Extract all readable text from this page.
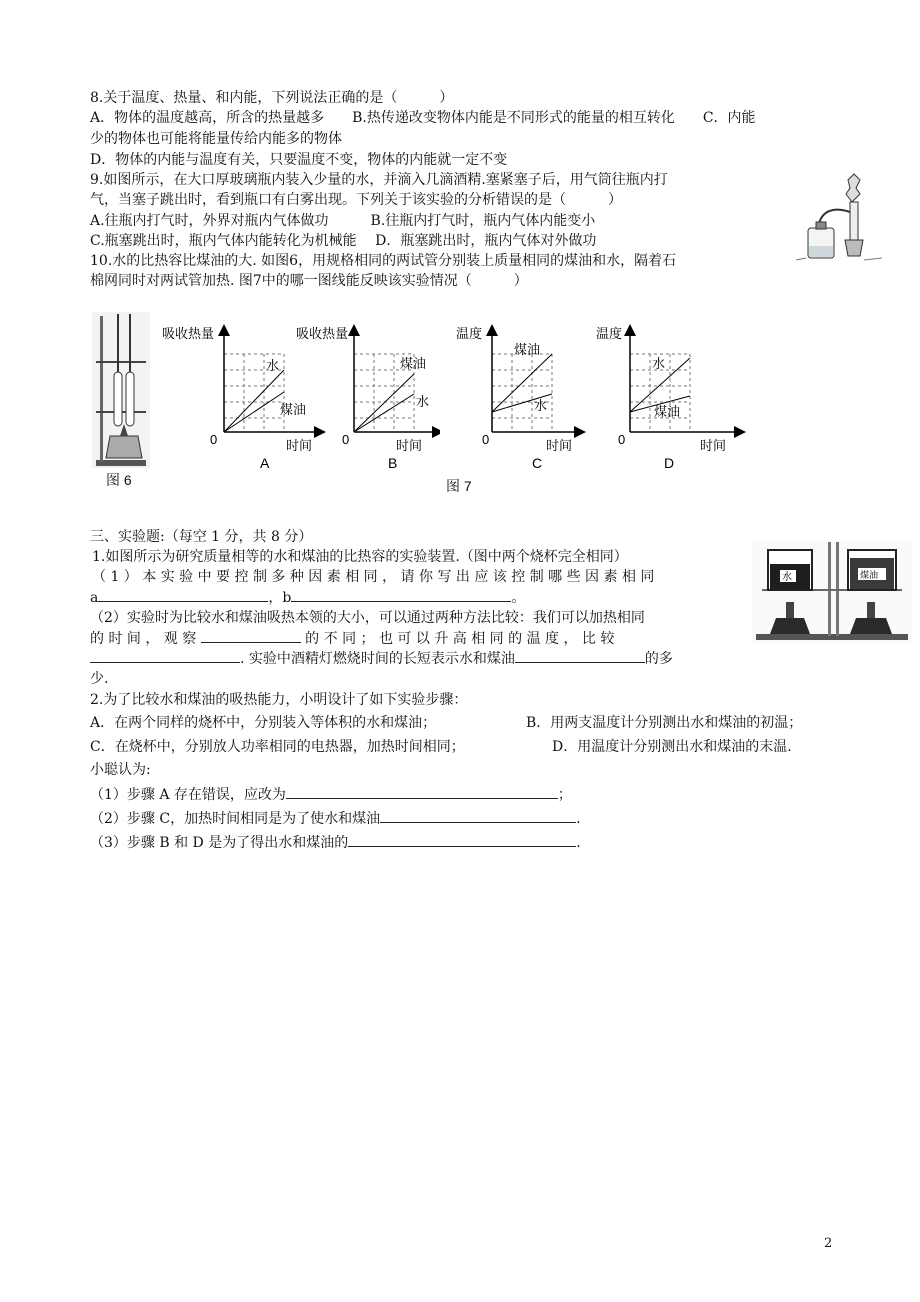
8.关于温度、热量、和内能，下列说法正确的是（　　　）
A．物体的温度越高，所含的热量越多　　B.热传递改变物体内能是不同形式的能量的相互转化　　C．内能
少的物体也可能将能量传给内能多的物体
D．物体的内能与温度有关，只要温度不变，物体的内能就一定不变
9.如图所示，在大口厚玻璃瓶内装入少量的水，并滴入几滴酒精.塞紧塞子后，用气筒往瓶内打
气，当塞子跳出时，看到瓶口有白雾出现。下列关于该实验的分析错误的是（　　　）
A.往瓶内打气时，外界对瓶内气体做功　　　B.往瓶内打气时，瓶内气体内能变小
C.瓶塞跳出时，瓶内气体内能转化为机械能　 D．瓶塞跳出时，瓶内气体对外做功
10.水的比热容比煤油的大. 如图6，用规格相同的两试管分别装上质量相同的煤油和水，隔着石
棉网同时对两试管加热. 图7中的哪一图线能反映该实验情况（　　　）
图 6
吸收热量
0	时间
水
煤油
A
吸收热量
0	时间
煤油
水
B
温度
0	时间
煤油
水
C
温度
0	时间
水
煤油
D
图 7
三、实验题:（每空 1 分，共 8 分）
1.如图所示为研究质量相等的水和煤油的比热容的实验装置.（图中两个烧杯完全相同）
（ 1 ） 本 实 验 中 要 控 制 多 种 因 素 相 同 ， 请 你 写 出 应 该 控 制 哪 些 因 素 相 同
a	，b	。
（2）实验时为比较水和煤油吸热本领的大小，可以通过两种方法比较：我们可以加热相同
的 时 间 ， 观 察	的 不 同 ； 也 可 以 升 高 相 同 的 温 度 ， 比 较
. 实验中酒精灯燃烧时间的长短表示水和煤油	的多
少.
水	煤油
2.为了比较水和煤油的吸热能力，小明设计了如下实验步骤：
A．在两个同样的烧杯中，分别装入等体积的水和煤油；	B．用两支温度计分别测出水和煤油的初温；
C．在烧杯中，分别放人功率相同的电热器，加热时间相同；	D．用温度计分别测出水和煤油的末温.
小聪认为:
（1）步骤 A 存在错误，应改为	；
（2）步骤 C，加热时间相同是为了使水和煤油	.
（3）步骤 B 和 D 是为了得出水和煤油的	.
2
